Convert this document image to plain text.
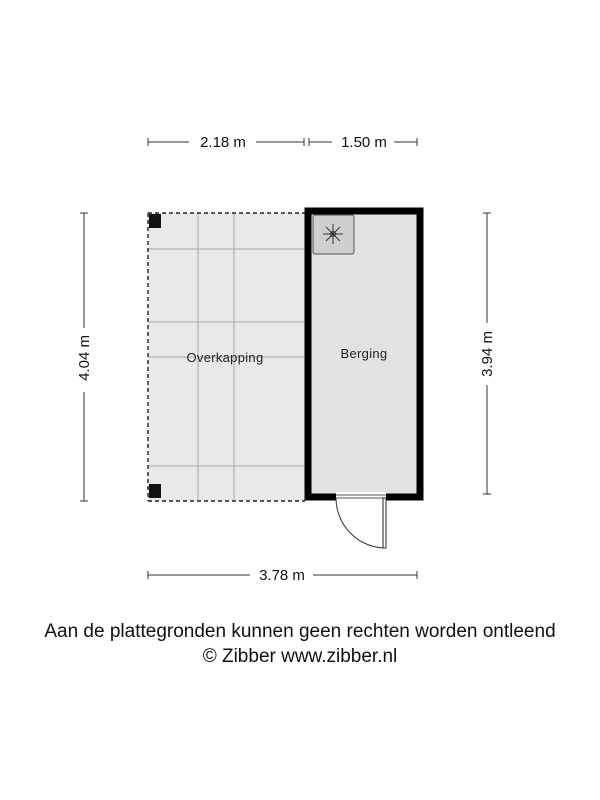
2.18 m	1.50 m
4.04 m	3.94 m
3.78 m
Overkapping	Berging
Aan de plattegronden kunnen geen rechten worden ontleend
© Zibber www.zibber.nl
